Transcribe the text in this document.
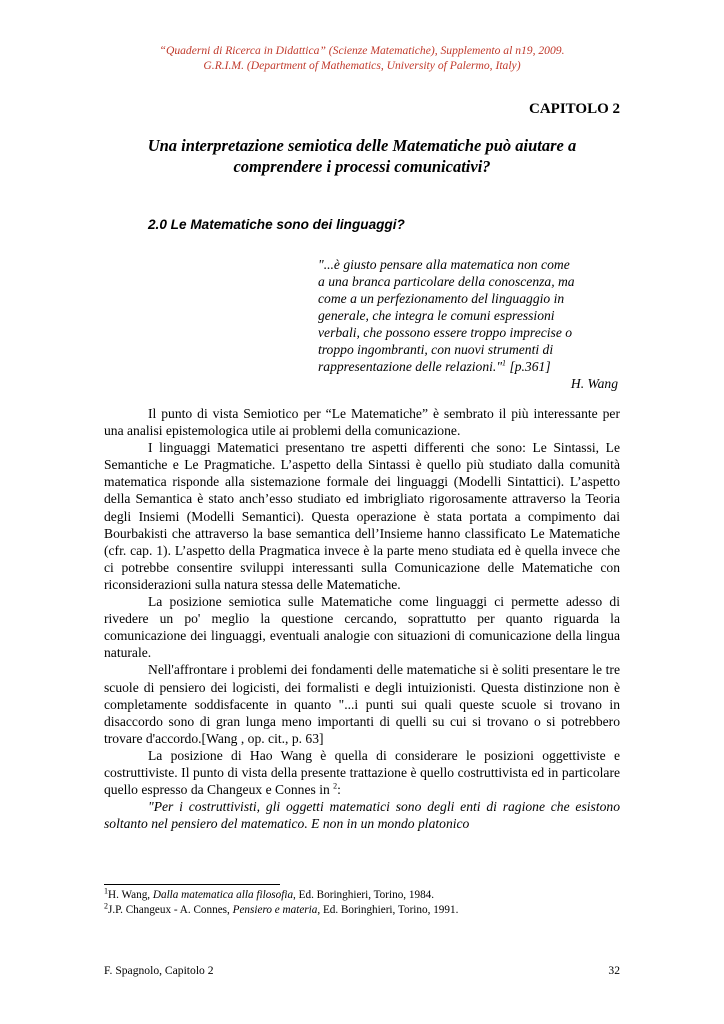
“Quaderni di Ricerca in Didattica” (Scienze Matematiche), Supplemento al n19, 2009.
G.R.I.M. (Department of Mathematics, University of Palermo, Italy)
CAPITOLO 2
Una interpretazione semiotica delle Matematiche può aiutare a
comprendere i processi comunicativi?
2.0 Le Matematiche sono dei linguaggi?
"...è giusto pensare alla matematica non come
a una branca particolare della conoscenza, ma
come a un perfezionamento del linguaggio in
generale, che integra le comuni espressioni
verbali, che possono essere troppo imprecise o
troppo ingombranti, con nuovi strumenti di
rappresentazione delle relazioni."$^1$ [p.361]
H. Wang

Il punto di vista Semiotico per “Le Matematiche” è sembrato il più interessante per una analisi epistemologica utile ai problemi della comunicazione.

I linguaggi Matematici presentano tre aspetti differenti che sono: Le Sintassi, Le Semantiche e Le Pragmatiche. L’aspetto della Sintassi è quello più studiato dalla comunità matematica risponde alla sistemazione formale dei linguaggi (Modelli Sintattici). L’aspetto della Semantica è stato anch’esso studiato ed imbrigliato rigorosamente attraverso la Teoria degli Insiemi (Modelli Semantici). Questa operazione è stata portata a compimento dai Bourbakisti che attraverso la base semantica dell’Insieme hanno classificato Le Matematiche (cfr. cap. 1). L’aspetto della Pragmatica invece è la parte meno studiata ed è quella invece che ci potrebbe consentire sviluppi interessanti sulla Comunicazione delle Matematiche con riconsiderazioni sulla natura stessa delle Matematiche.

La posizione semiotica sulle Matematiche come linguaggi ci permette adesso di rivedere un po' meglio la questione cercando, soprattutto per quanto riguarda la comunicazione dei linguaggi, eventuali analogie con situazioni di comunicazione della lingua naturale.

Nell'affrontare i problemi dei fondamenti delle matematiche si è soliti presentare le tre scuole di pensiero dei logicisti, dei formalisti e degli intuizionisti. Questa distinzione non è completamente soddisfacente in quanto "...i punti sui quali queste scuole si trovano in disaccordo sono di gran lunga meno importanti di quelli su cui si trovano o si potrebbero trovare d'accordo.[Wang , op. cit., p. 63]

La posizione di Hao Wang è quella di considerare le posizioni oggettiviste e costruttiviste. Il punto di vista della presente trattazione è quello costruttivista ed in particolare quello espresso da Changeux e Connes in $^2$:

"Per i costruttivisti, gli oggetti matematici sono degli enti di ragione che esistono soltanto nel pensiero del matematico. E non in un mondo platonico

$^1$H. Wang, Dalla matematica alla filosofia, Ed. Boringhieri, Torino, 1984.
$^2$J.P. Changeux - A. Connes, Pensiero e materia, Ed. Boringhieri, Torino, 1991.
F. Spagnolo, Capitolo 2	32
